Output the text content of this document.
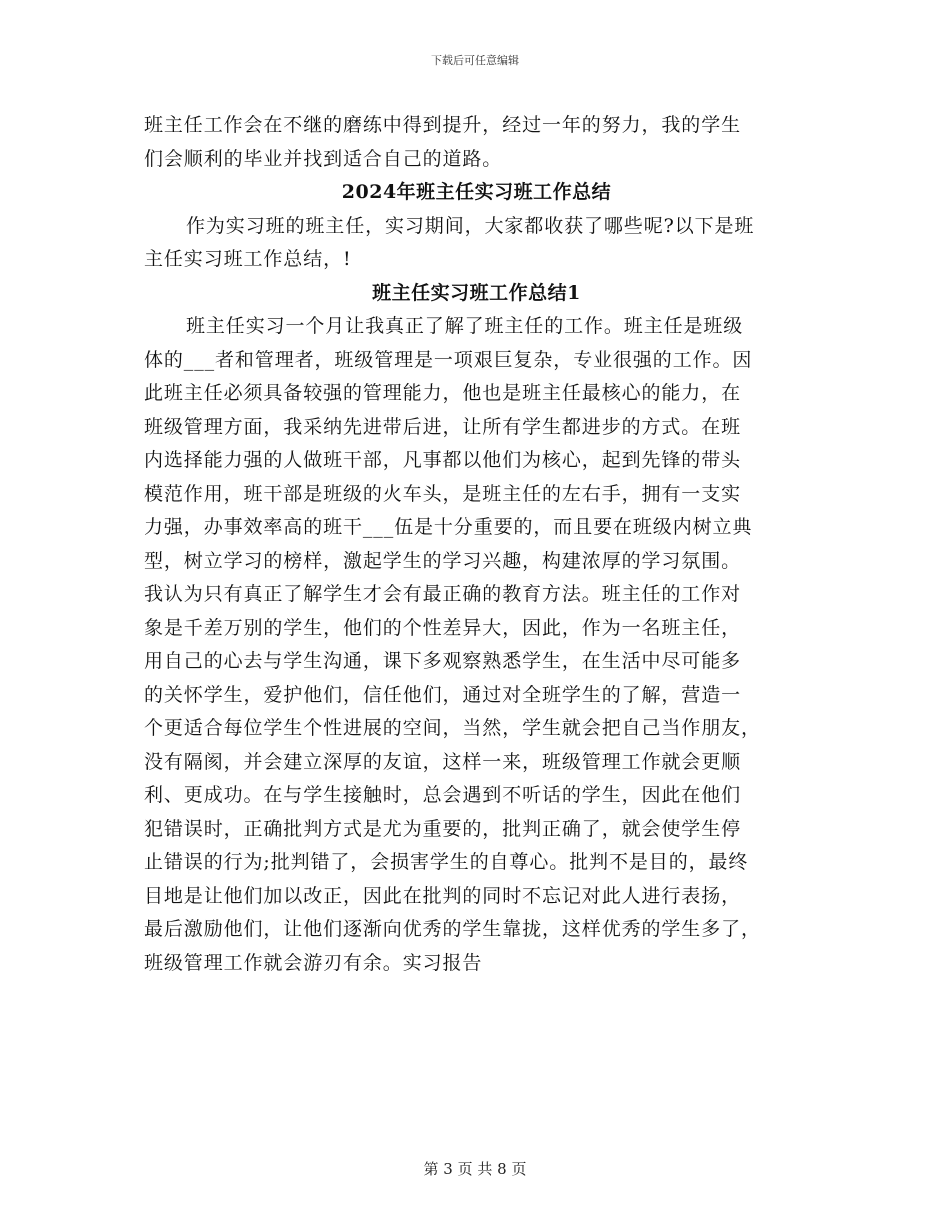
下载后可任意编辑
班主任工作会在不继的磨练中得到提升，经过一年的努力，我的学生
们会顺利的毕业并找到适合自己的道路。
2024年班主任实习班工作总结
作为实习班的班主任，实习期间，大家都收获了哪些呢?以下是班
主任实习班工作总结，!
班主任实习班工作总结1
班主任实习一个月让我真正了解了班主任的工作。班主任是班级
体的___者和管理者，班级管理是一项艰巨复杂，专业很强的工作。因
此班主任必须具备较强的管理能力，他也是班主任最核心的能力，在
班级管理方面，我采纳先进带后进，让所有学生都进步的方式。在班
内选择能力强的人做班干部，凡事都以他们为核心，起到先锋的带头
模范作用，班干部是班级的火车头，是班主任的左右手，拥有一支实
力强，办事效率高的班干___伍是十分重要的，而且要在班级内树立典
型，树立学习的榜样，激起学生的学习兴趣，构建浓厚的学习氛围。
我认为只有真正了解学生才会有最正确的教育方法。班主任的工作对
象是千差万别的学生，他们的个性差异大，因此，作为一名班主任，
用自己的心去与学生沟通，课下多观察熟悉学生，在生活中尽可能多
的关怀学生，爱护他们，信任他们，通过对全班学生的了解，营造一
个更适合每位学生个性进展的空间，当然，学生就会把自己当作朋友，
没有隔阂，并会建立深厚的友谊，这样一来，班级管理工作就会更顺
利、更成功。在与学生接触时，总会遇到不听话的学生，因此在他们
犯错误时，正确批判方式是尤为重要的，批判正确了，就会使学生停
止错误的行为;批判错了，会损害学生的自尊心。批判不是目的，最终
目地是让他们加以改正，因此在批判的同时不忘记对此人进行表扬，
最后激励他们，让他们逐渐向优秀的学生靠拢，这样优秀的学生多了，
班级管理工作就会游刃有余。实习报告
第 3 页 共 8 页
